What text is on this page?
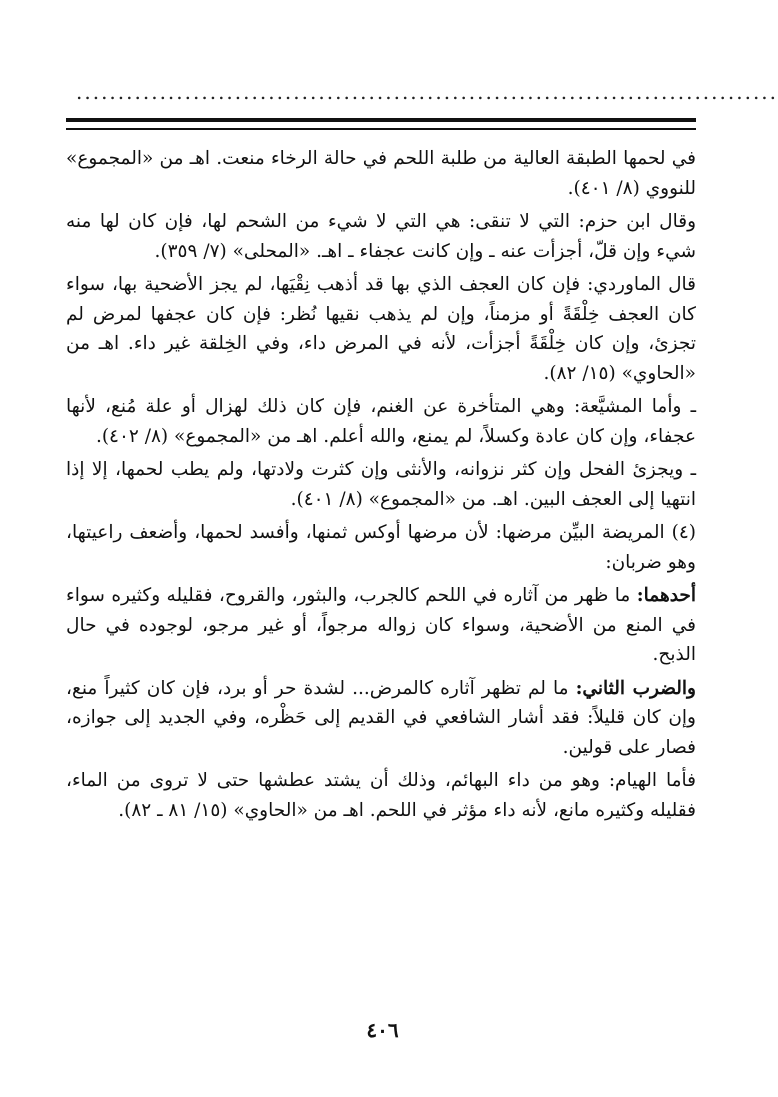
....................................................................................

في لحمها الطبقة العالية من طلبة اللحم في حالة الرخاء منعت. اهـ من «المجموع» للنووي (٨/ ٤٠١).

وقال ابن حزم: التي لا تنقى: هي التي لا شيء من الشحم لها، فإن كان لها منه شيء وإن قلّ، أجزأت عنه ـ وإن كانت عجفاء ـ اهـ. «المحلى» (٧/ ٣٥٩).

قال الماوردي: فإن كان العجف الذي بها قد أذهب نِقْيَها، لم يجز الأضحية بها، سواء كان العجف خِلْقَةً أو مزمناً، وإن لم يذهب نقيها نُظر: فإن كان عجفها لمرض لم تجزئ، وإن كان خِلْقَةً أجزأت، لأنه في المرض داء، وفي الخِلقة غير داء. اهـ من «الحاوي» (١٥/ ٨٢).

ـ وأما المشيَّعة: وهي المتأخرة عن الغنم، فإن كان ذلك لهزال أو علة مُنع، لأنها عجفاء، وإن كان عادة وكسلاً، لم يمنع، والله أعلم. اهـ من «المجموع» (٨/ ٤٠٢).

ـ ويجزئ الفحل وإن كثر نزوانه، والأنثى وإن كثرت ولادتها، ولم يطب لحمها، إلا إذا انتهيا إلى العجف البين. اهـ. من «المجموع» (٨/ ٤٠١).

(٤) المريضة البيِّن مرضها: لأن مرضها أوكس ثمنها، وأفسد لحمها، وأضعف راعيتها، وهو ضربان:

أحدهما: ما ظهر من آثاره في اللحم كالجرب، والبثور، والقروح، فقليله وكثيره سواء في المنع من الأضحية، وسواء كان زواله مرجواً، أو غير مرجو، لوجوده في حال الذبح.

والضرب الثاني: ما لم تظهر آثاره كالمرض... لشدة حر أو برد، فإن كان كثيراً منع، وإن كان قليلاً: فقد أشار الشافعي في القديم إلى حَظْره، وفي الجديد إلى جوازه، فصار على قولين.

فأما الهيام: وهو من داء البهائم، وذلك أن يشتد عطشها حتى لا تروى من الماء، فقليله وكثيره مانع، لأنه داء مؤثر في اللحم. اهـ من «الحاوي» (١٥/ ٨١ ـ ٨٢).

٤٠٦
